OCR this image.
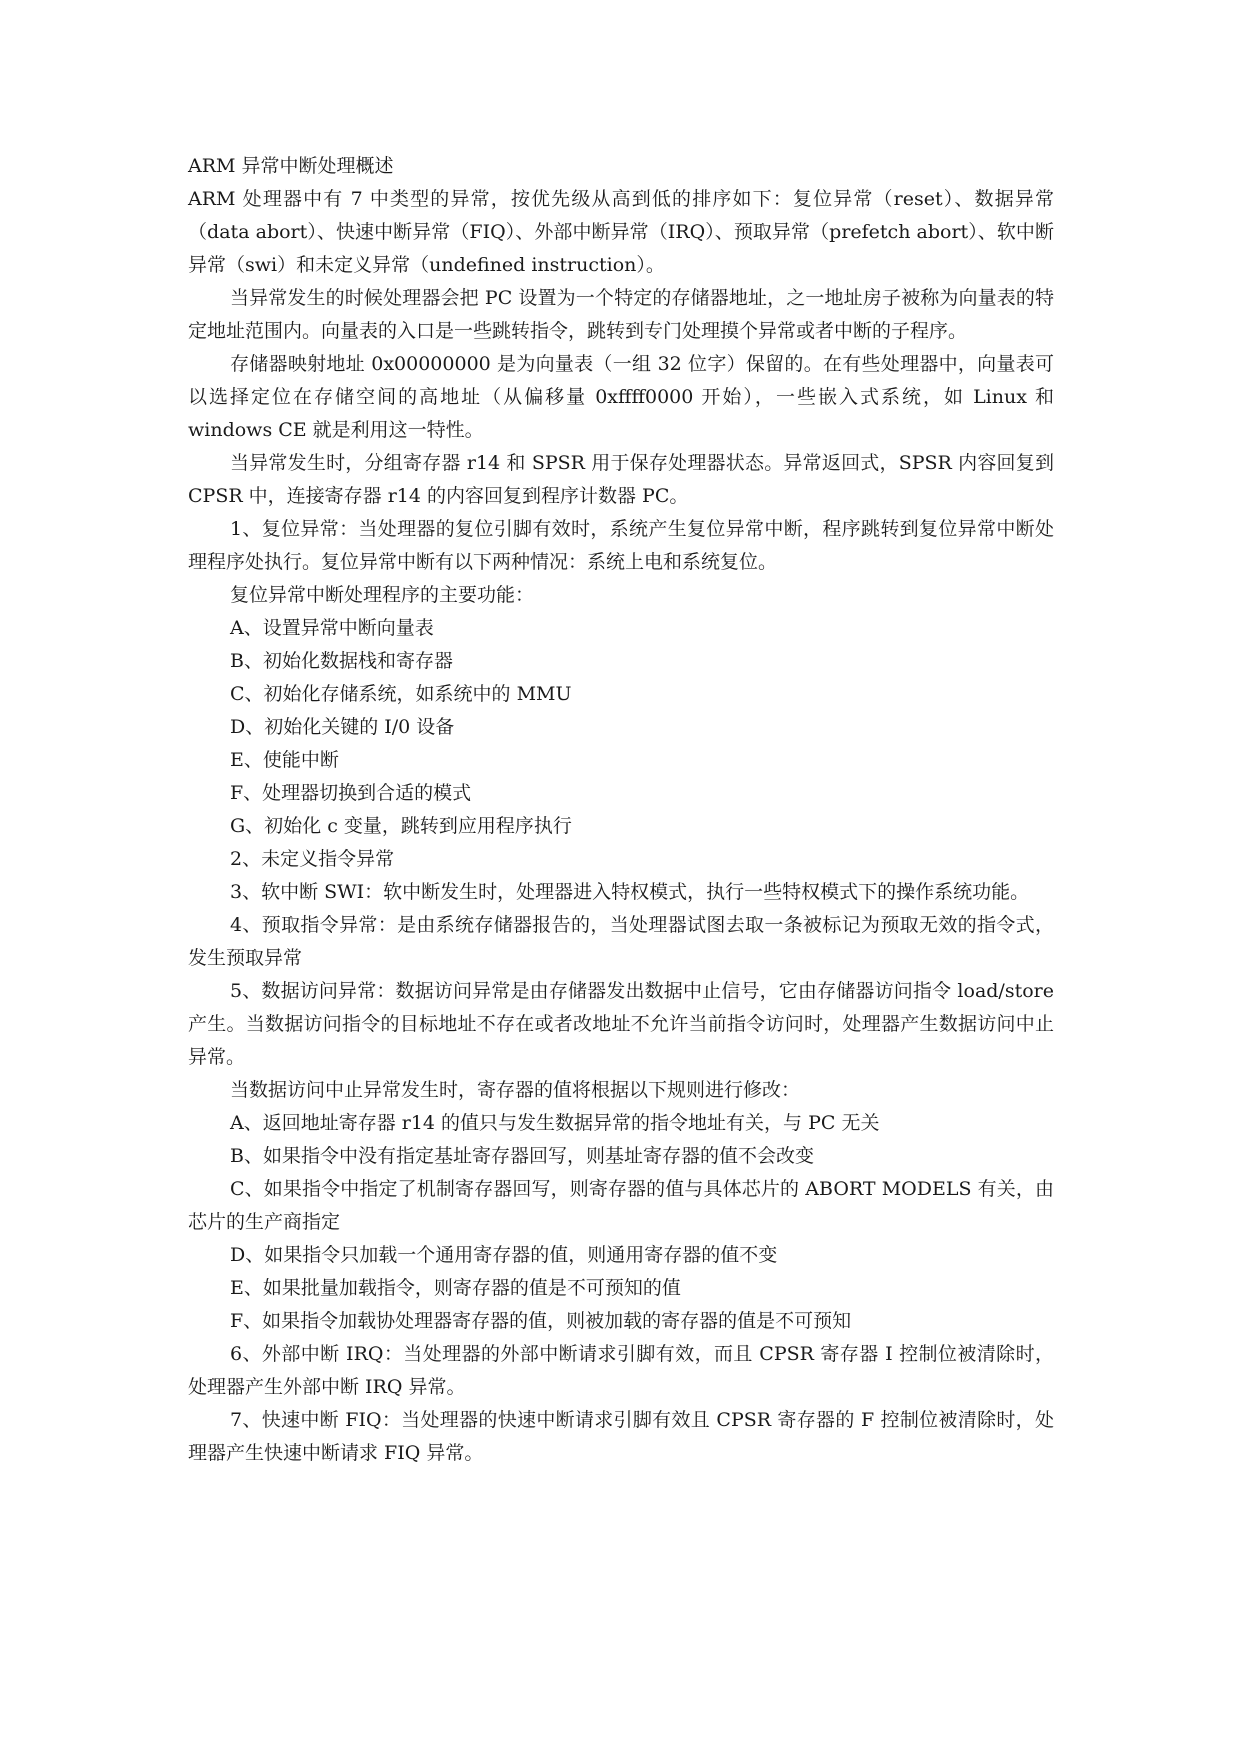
ARM 异常中断处理概述

ARM 处理器中有 7 中类型的异常，按优先级从高到低的排序如下：复位异常（reset）、数据异常（data abort）、快速中断异常（FIQ）、外部中断异常（IRQ）、预取异常（prefetch abort）、软中断异常（swi）和未定义异常（undefined instruction）。

当异常发生的时候处理器会把 PC 设置为一个特定的存储器地址，之一地址房子被称为向量表的特定地址范围内。向量表的入口是一些跳转指令，跳转到专门处理摸个异常或者中断的子程序。

存储器映射地址 0x00000000 是为向量表（一组 32 位字）保留的。在有些处理器中，向量表可以选择定位在存储空间的高地址（从偏移量 0xffff0000 开始），一些嵌入式系统，如 Linux 和 windows CE 就是利用这一特性。

当异常发生时，分组寄存器 r14 和 SPSR 用于保存处理器状态。异常返回式，SPSR 内容回复到 CPSR 中，连接寄存器 r14 的内容回复到程序计数器 PC。

1、复位异常：当处理器的复位引脚有效时，系统产生复位异常中断，程序跳转到复位异常中断处理程序处执行。复位异常中断有以下两种情况：系统上电和系统复位。

复位异常中断处理程序的主要功能：

A、设置异常中断向量表

B、初始化数据栈和寄存器

C、初始化存储系统，如系统中的 MMU

D、初始化关键的 I/0 设备

E、使能中断

F、处理器切换到合适的模式

G、初始化 c 变量，跳转到应用程序执行

2、未定义指令异常

3、软中断 SWI：软中断发生时，处理器进入特权模式，执行一些特权模式下的操作系统功能。

4、预取指令异常：是由系统存储器报告的，当处理器试图去取一条被标记为预取无效的指令式，发生预取异常

5、数据访问异常：数据访问异常是由存储器发出数据中止信号，它由存储器访问指令 load/store 产生。当数据访问指令的目标地址不存在或者改地址不允许当前指令访问时，处理器产生数据访问中止异常。

当数据访问中止异常发生时，寄存器的值将根据以下规则进行修改：

A、返回地址寄存器 r14 的值只与发生数据异常的指令地址有关，与 PC 无关

B、如果指令中没有指定基址寄存器回写，则基址寄存器的值不会改变

C、如果指令中指定了机制寄存器回写，则寄存器的值与具体芯片的 ABORT MODELS 有关，由芯片的生产商指定

D、如果指令只加载一个通用寄存器的值，则通用寄存器的值不变

E、如果批量加载指令，则寄存器的值是不可预知的值

F、如果指令加载协处理器寄存器的值，则被加载的寄存器的值是不可预知

6、外部中断 IRQ：当处理器的外部中断请求引脚有效，而且 CPSR 寄存器 I 控制位被清除时，处理器产生外部中断 IRQ 异常。

7、快速中断 FIQ：当处理器的快速中断请求引脚有效且 CPSR 寄存器的 F 控制位被清除时，处理器产生快速中断请求 FIQ 异常。
